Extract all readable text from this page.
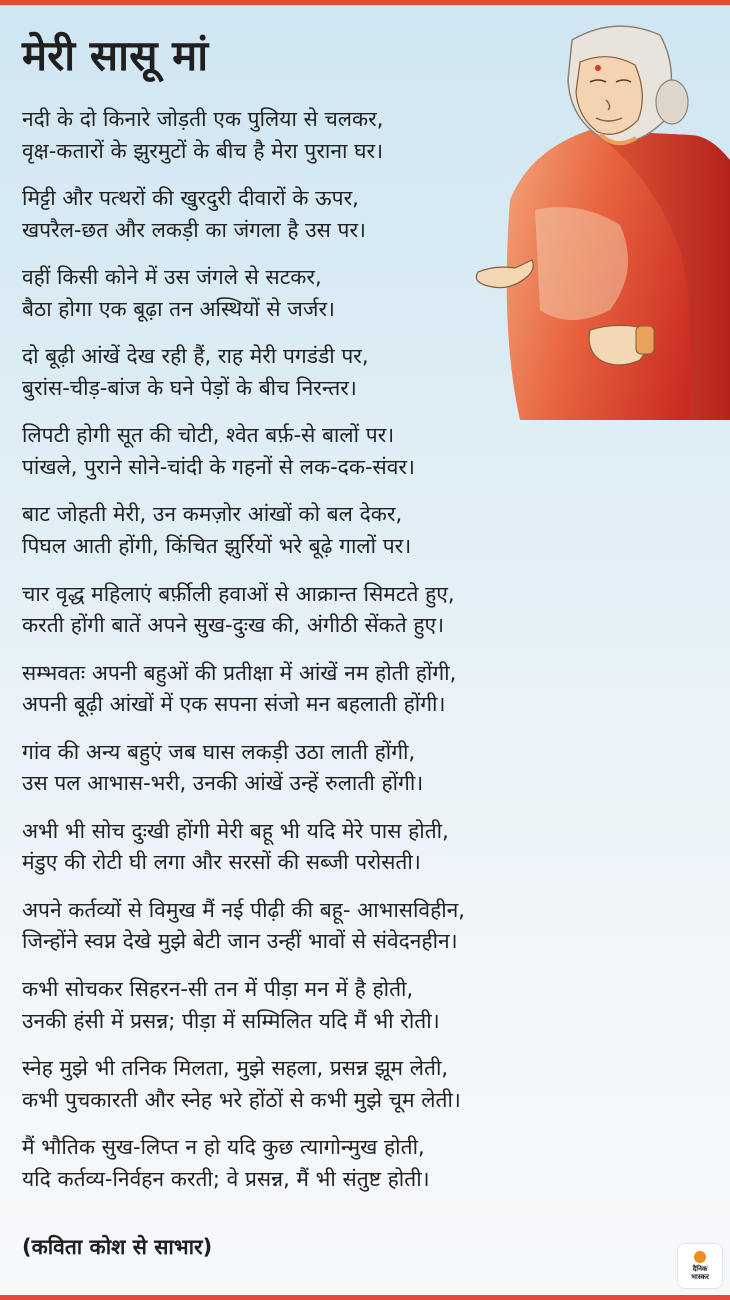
मेरी सासू मां
नदी के दो किनारे जोड़ती एक पुलिया से चलकर,
वृक्ष-कतारों के झुरमुटों के बीच है मेरा पुराना घर।
मिट्टी और पत्थरों की खुरदुरी दीवारों के ऊपर,
खपरैल-छत और लकड़ी का जंगला है उस पर।
वहीं किसी कोने में उस जंगले से सटकर,
बैठा होगा एक बूढ़ा तन अस्थियों से जर्जर।
दो बूढ़ी आंखें देख रही हैं, राह मेरी पगडंडी पर,
बुरांस-चीड़-बांज के घने पेड़ों के बीच निरन्तर।
लिपटी होगी सूत की चोटी, श्वेत बर्फ़-से बालों पर।
पांखले, पुराने सोने-चांदी के गहनों से लक-दक-संवर।
बाट जोहती मेरी, उन कमज़ोर आंखों को बल देकर,
पिघल आती होंगी, किंचित झुर्रियों भरे बूढ़े गालों पर।
चार वृद्ध महिलाएं बर्फ़ीली हवाओं से आक्रान्त सिमटते हुए,
करती होंगी बातें अपने सुख-दुःख की, अंगीठी सेंकते हुए।
सम्भवतः अपनी बहुओं की प्रतीक्षा में आंखें नम होती होंगी,
अपनी बूढ़ी आंखों में एक सपना संजो मन बहलाती होंगी।
गांव की अन्य बहुएं जब घास लकड़ी उठा लाती होंगी,
उस पल आभास-भरी, उनकी आंखें उन्हें रुलाती होंगी।
अभी भी सोच दुःखी होंगी मेरी बहू भी यदि मेरे पास होती,
मंडुए की रोटी घी लगा और सरसों की सब्जी परोसती।
अपने कर्तव्यों से विमुख मैं नई पीढ़ी की बहू- आभासविहीन,
जिन्होंने स्वप्न देखे मुझे बेटी जान उन्हीं भावों से संवेदनहीन।
कभी सोचकर सिहरन-सी तन में पीड़ा मन में है होती,
उनकी हंसी में प्रसन्न; पीड़ा में सम्मिलित यदि मैं भी रोती।
स्नेह मुझे भी तनिक मिलता, मुझे सहला, प्रसन्न झूम लेती,
कभी पुचकारती और स्नेह भरे होंठों से कभी मुझे चूम लेती।
मैं भौतिक सुख-लिप्त न हो यदि कुछ त्यागोन्मुख होती,
यदि कर्तव्य-निर्वहन करती; वे प्रसन्न, मैं भी संतुष्ट होती।
(कविता कोश से साभार)
दैनिक
भास्कर
